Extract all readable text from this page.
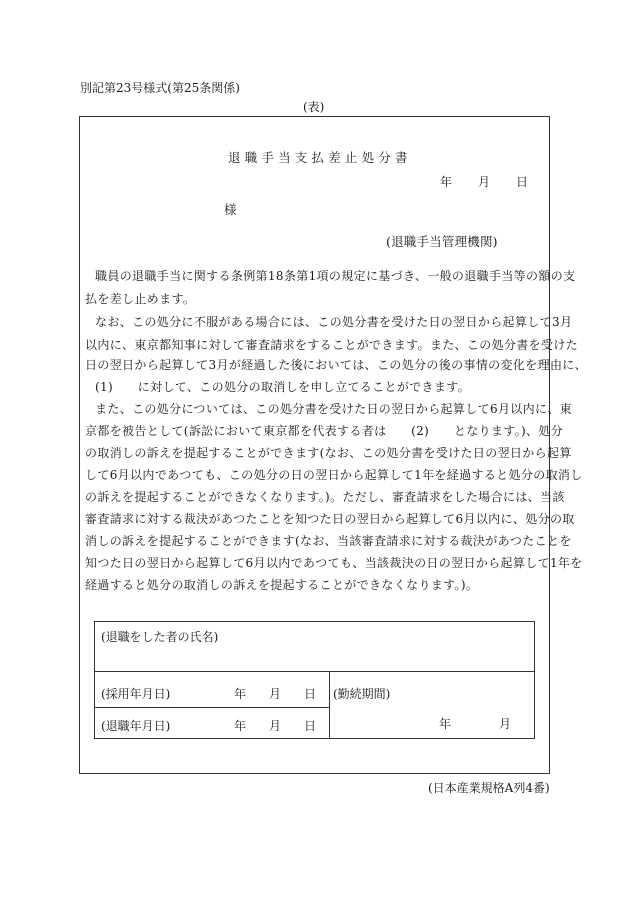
別記第23号様式(第25条関係)
(表)
退職手当支払差止処分書
年 月 日
様
(退職手当管理機関)
職員の退職手当に関する条例第18条第1項の規定に基づき、一般の退職手当等の額の支
払を差し止めます。
なお、この処分に不服がある場合には、この処分書を受けた日の翌日から起算して3月
以内に、東京都知事に対して審査請求をすることができます。また、この処分書を受けた
日の翌日から起算して3月が経過した後においては、この処分の後の事情の変化を理由に、
(1)　　に対して、この処分の取消しを申し立てることができます。
また、この処分については、この処分書を受けた日の翌日から起算して6月以内に、東
京都を被告として(訴訟において東京都を代表する者は　　(2)　　となります。)、処分
の取消しの訴えを提起することができます(なお、この処分書を受けた日の翌日から起算
して6月以内であつても、この処分の日の翌日から起算して1年を経過すると処分の取消し
の訴えを提起することができなくなります。)。ただし、審査請求をした場合には、当該
審査請求に対する裁決があつたことを知つた日の翌日から起算して6月以内に、処分の取
消しの訴えを提起することができます(なお、当該審査請求に対する裁決があつたことを
知つた日の翌日から起算して6月以内であつても、当該裁決の日の翌日から起算して1年を
経過すると処分の取消しの訴えを提起することができなくなります。)。
(退職をした者の氏名)
(採用年月日)	年 月 日
(退職年月日)	年 月 日
(勤続期間)
年	月
(日本産業規格A列4番)
